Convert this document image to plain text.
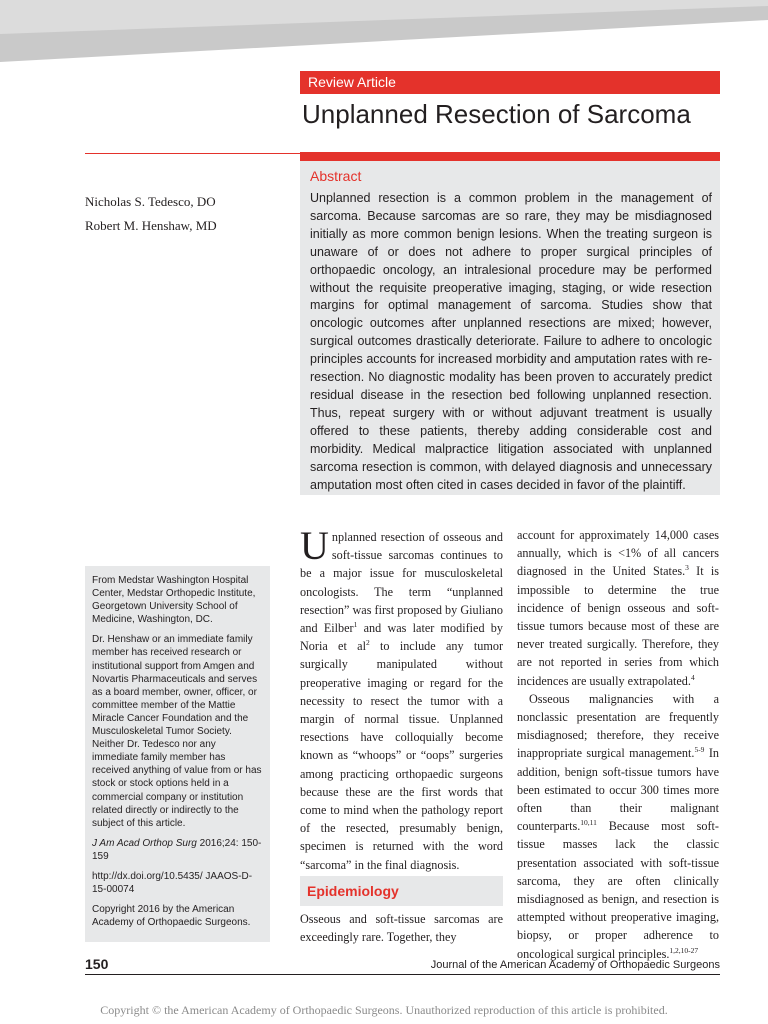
Review Article
Unplanned Resection of Sarcoma
Nicholas S. Tedesco, DO
Robert M. Henshaw, MD
Abstract

Unplanned resection is a common problem in the management of sarcoma. Because sarcomas are so rare, they may be misdiagnosed initially as more common benign lesions. When the treating surgeon is unaware of or does not adhere to proper surgical principles of orthopaedic oncology, an intralesional procedure may be performed without the requisite preoperative imaging, staging, or wide resection margins for optimal management of sarcoma. Studies show that oncologic outcomes after unplanned resections are mixed; however, surgical outcomes drastically deteriorate. Failure to adhere to oncologic principles accounts for increased morbidity and amputation rates with re-resection. No diagnostic modality has been proven to accurately predict residual disease in the resection bed following unplanned resection. Thus, repeat surgery with or without adjuvant treatment is usually offered to these patients, thereby adding considerable cost and morbidity. Medical malpractice litigation associated with unplanned sarcoma resection is common, with delayed diagnosis and unnecessary amputation most often cited in cases decided in favor of the plaintiff.

From Medstar Washington Hospital Center, Medstar Orthopedic Institute, Georgetown University School of Medicine, Washington, DC.

Dr. Henshaw or an immediate family member has received research or institutional support from Amgen and Novartis Pharmaceuticals and serves as a board member, owner, officer, or committee member of the Mattie Miracle Cancer Foundation and the Musculoskeletal Tumor Society. Neither Dr. Tedesco nor any immediate family member has received anything of value from or has stock or stock options held in a commercial company or institution related directly or indirectly to the subject of this article.

J Am Acad Orthop Surg 2016;24: 150-159

http://dx.doi.org/10.5435/ JAAOS-D-15-00074

Copyright 2016 by the American Academy of Orthopaedic Surgeons.

Unplanned resection of osseous and soft-tissue sarcomas continues to be a major issue for musculoskeletal oncologists. The term “unplanned resection” was first proposed by Giuliano and Eilber$^1$ and was later modified by Noria et $al^2$ to include any tumor surgically manipulated without preoperative imaging or regard for the necessity to resect the tumor with a margin of normal tissue. Unplanned resections have colloquially become known as “whoops” or “oops” surgeries among practicing orthopaedic surgeons because these are the first words that come to mind when the pathology report of the resected, presumably benign, specimen is returned with the word “sarcoma” in the final diagnosis.

Epidemiology

Osseous and soft-tissue sarcomas are exceedingly rare. Together, they

account for approximately 14,000 cases annually, which is <1% of all cancers diagnosed in the United States.$^3$ It is impossible to determine the true incidence of benign osseous and soft-tissue tumors because most of these are never treated surgically. Therefore, they are not reported in series from which incidences are usually extrapolated.$^4$

Osseous malignancies with a nonclassic presentation are frequently misdiagnosed; therefore, they receive inappropriate surgical management.$^{5-9}$ In addition, benign soft-tissue tumors have been estimated to occur 300 times more often than their malignant counterparts.$^{10,11}$ Because most soft-tissue masses lack the classic presentation associated with soft-tissue sarcoma, they are often clinically misdiagnosed as benign, and resection is attempted without preoperative imaging, biopsy, or proper adherence to oncological surgical principles.$^{1,2,10-27}$

150	Journal of the American Academy of Orthopaedic Surgeons
Copyright © the American Academy of Orthopaedic Surgeons. Unauthorized reproduction of this article is prohibited.
